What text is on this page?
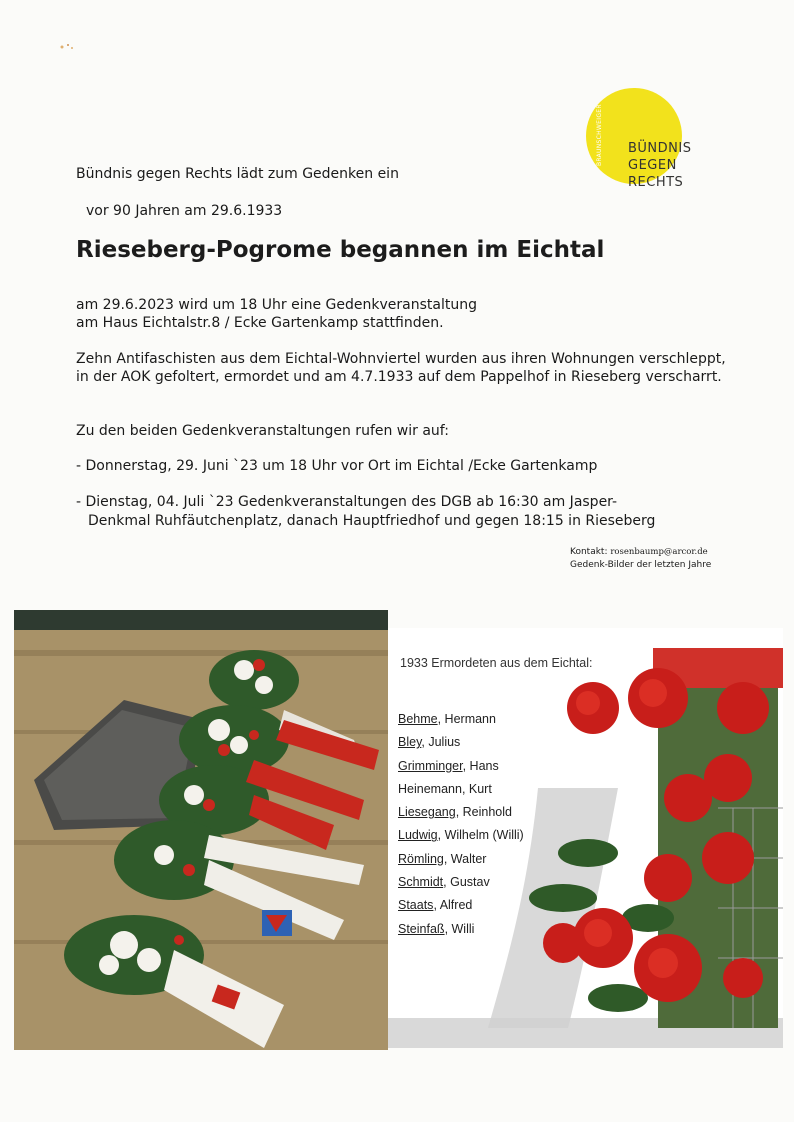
BRAUNSCHWEIGER	BÜNDNIS
GEGEN
RECHTS
Bündnis gegen Rechts lädt zum Gedenken ein
vor 90 Jahren am 29.6.1933
Rieseberg-Pogrome begannen im Eichtal
am 29.6.2023 wird um 18 Uhr eine Gedenkveranstaltung
am Haus Eichtalstr.8 / Ecke Gartenkamp stattfinden.

Zehn Antifaschisten aus dem Eichtal-Wohnviertel wurden aus ihren Wohnungen verschleppt, in der AOK gefoltert, ermordet und am 4.7.1933 auf dem Pappelhof in Rieseberg verscharrt.

Zu den beiden Gedenkveranstaltungen rufen wir auf:

- Donnerstag, 29. Juni `23 um 18 Uhr vor Ort im Eichtal /Ecke Gartenkamp
- Dienstag, 04. Juli `23 Gedenkveranstaltungen des DGB ab 16:30 am Jasper-
Denkmal Ruhfäutchenplatz, danach Hauptfriedhof und gegen 18:15 in Rieseberg
Kontakt: rosenbaump@arcor.de
Gedenk-Bilder der letzten Jahre
1933 Ermordeten aus dem Eichtal:
Behme, Hermann
Bley, Julius
Grimminger, Hans
Heinemann, Kurt
Liesegang, Reinhold
Ludwig, Wilhelm (Willi)
Römling, Walter
Schmidt, Gustav
Staats, Alfred
Steinfaß, Willi
